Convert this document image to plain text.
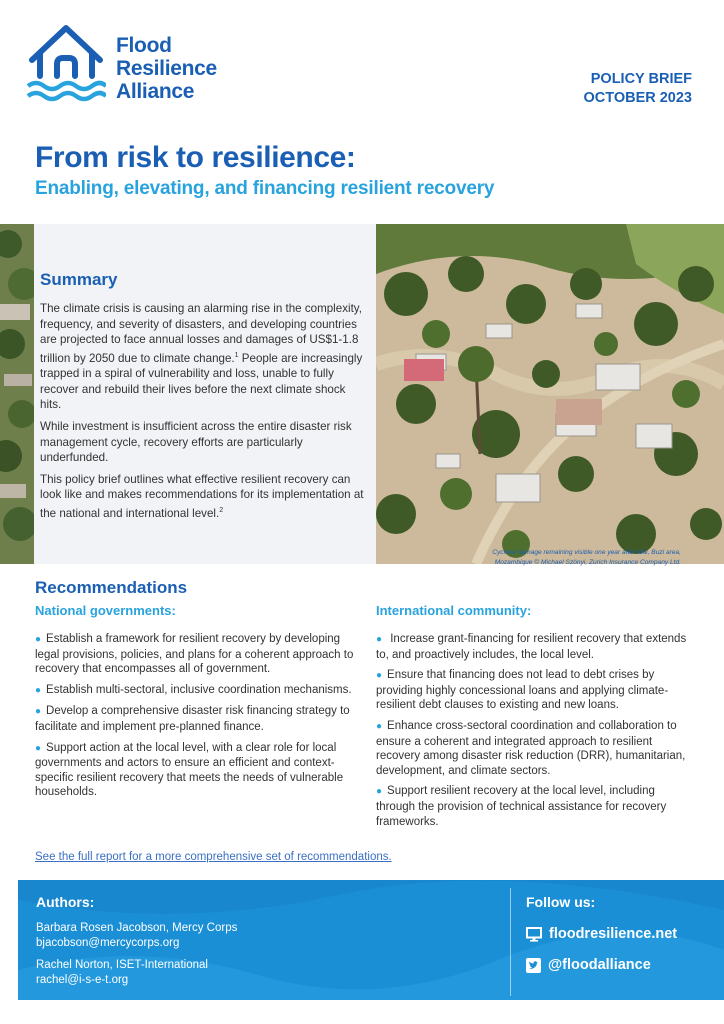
Flood
Resilience
Alliance
POLICY BRIEF
OCTOBER 2023
From risk to resilience:
Enabling, elevating, and financing resilient recovery
Summary

The climate crisis is causing an alarming rise in the complexity, frequency, and severity of disasters, and developing countries are projected to face annual losses and damages of US$1-1.8 trillion by 2050 due to climate change.$^1$ People are increasingly trapped in a spiral of vulnerability and loss, unable to fully recover and rebuild their lives before the next climate shock hits.

While investment is insufficient across the entire disaster risk management cycle, recovery efforts are particularly underfunded.

This policy brief outlines what effective resilient recovery can look like and makes recommendations for its implementation at the national and international level.$^2$

Cyclone damage remaining visible one year after Idai, Buzi area,
Mozambique © Michael Szönyi, Zurich Insurance Company Ltd.
Recommendations
National governments:
● Establish a framework for resilient recovery by developing legal provisions, policies, and plans for a coherent approach to recovery that encompasses all of government.
● Establish multi-sectoral, inclusive coordination mechanisms.
● Develop a comprehensive disaster risk financing strategy to facilitate and implement pre-planned finance.
● Support action at the local level, with a clear role for local governments and actors to ensure an efficient and context-specific resilient recovery that meets the needs of vulnerable households.
International community:
● Increase grant-financing for resilient recovery that extends to, and proactively includes, the local level.
● Ensure that financing does not lead to debt crises by providing highly concessional loans and applying climate-resilient debt clauses to existing and new loans.
● Enhance cross-sectoral coordination and collaboration to ensure a coherent and integrated approach to resilient recovery among disaster risk reduction (DRR), humanitarian, development, and climate sectors.
● Support resilient recovery at the local level, including through the provision of technical assistance for recovery frameworks.
See the full report for a more comprehensive set of recommendations.
Authors:

Barbara Rosen Jacobson, Mercy Corps

bjacobson@mercycorps.org

Rachel Norton, ISET-International

rachel@i-s-e-t.org

Follow us:
floodresilience.net
@floodalliance
